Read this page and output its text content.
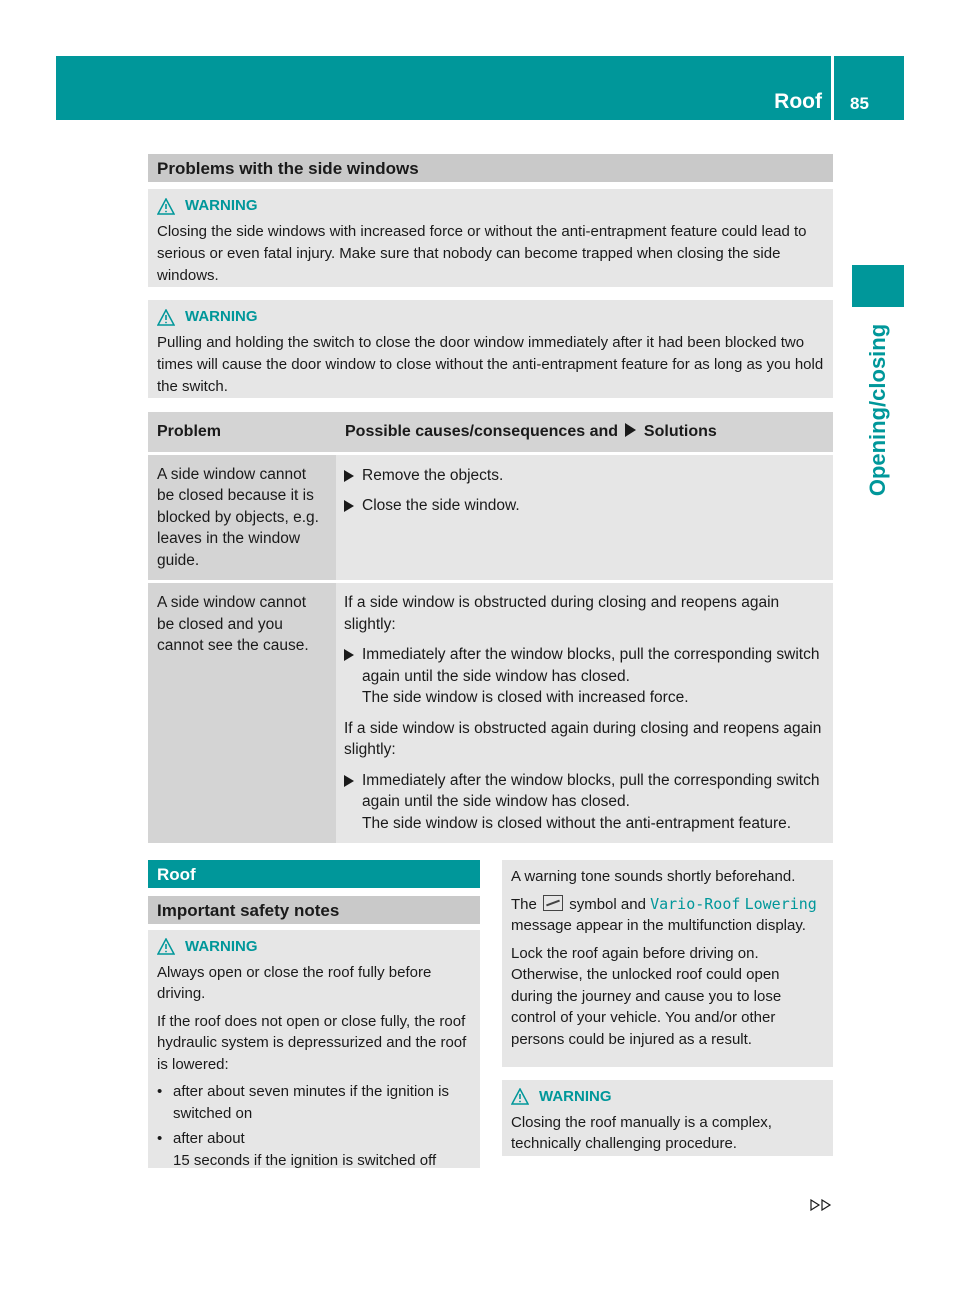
Roof 85
Opening/closing
Problems with the side windows
WARNING

Closing the side windows with increased force or without the anti-entrapment feature could lead to serious or even fatal injury. Make sure that nobody can become trapped when closing the side windows.

WARNING

Pulling and holding the switch to close the door window immediately after it had been blocked two times will cause the door window to close without the anti-entrapment feature for as long as you hold the switch.

Problem	Possible causes/consequences and Solutions
A side window cannot be closed because it is blocked by objects, e.g. leaves in the window guide.
Remove the objects.
Close the side window.
A side window cannot be closed and you cannot see the cause.
If a side window is obstructed during closing and reopens again slightly:
Immediately after the window blocks, pull the corresponding switch again until the side window has closed.
The side window is closed with increased force.
If a side window is obstructed again during closing and reopens again slightly:
Immediately after the window blocks, pull the corresponding switch again until the side window has closed.
The side window is closed without the anti-entrapment feature.
Roof
Important safety notes
WARNING

Always open or close the roof fully before driving.

If the roof does not open or close fully, the roof hydraulic system is depressurized and the roof is lowered:

• after about seven minutes if the ignition is switched on
• after about
15 seconds if the ignition is switched off

A warning tone sounds shortly beforehand.

The symbol and Vario-Roof Lowering message appear in the multifunction display.

Lock the roof again before driving on. Otherwise, the unlocked roof could open during the journey and cause you to lose control of your vehicle. You and/or other persons could be injured as a result.

WARNING

Closing the roof manually is a complex, technically challenging procedure.
